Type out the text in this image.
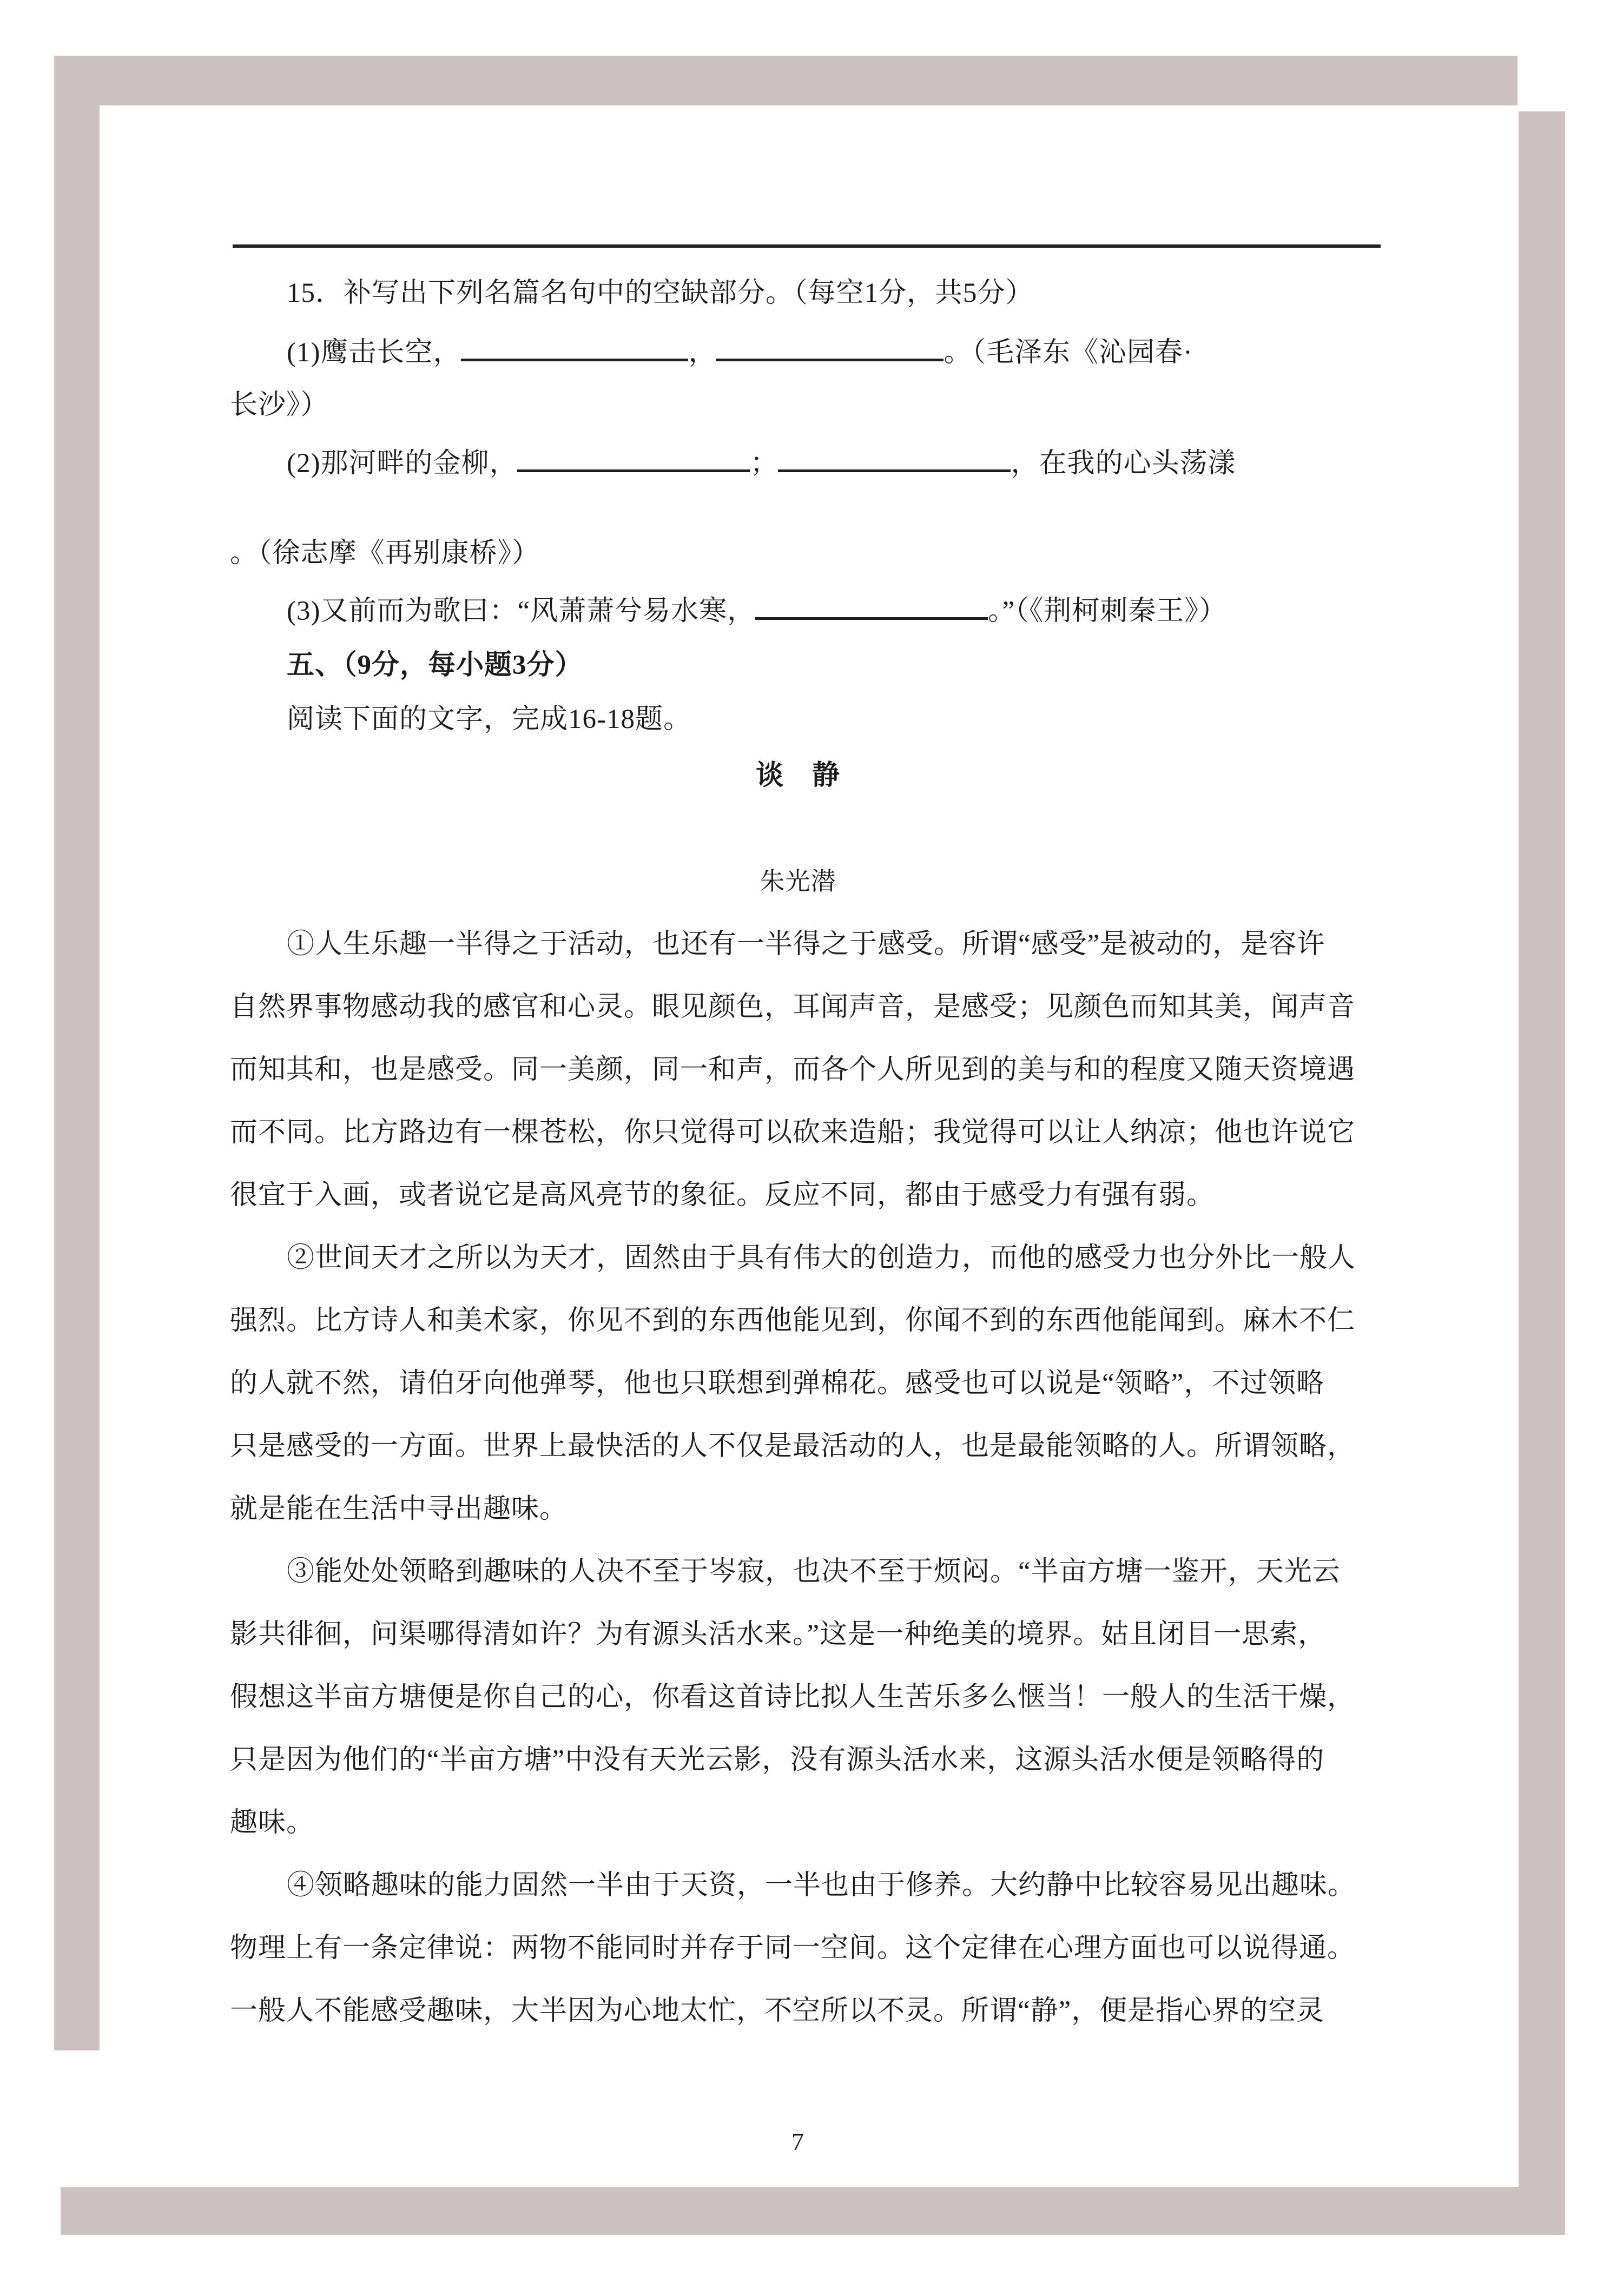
15．补写出下列名篇名句中的空缺部分。（每空1分，共5分）
(1)鹰击长空，	，	。（毛泽东《沁园春·
长沙》）
(2)那河畔的金柳，	；	，在我的心头荡漾
。（徐志摩《再别康桥》）
(3)又前而为歌曰：“风萧萧兮易水寒，	。”（《荆柯刺秦王》）
五、（9分，每小题3分）
阅读下面的文字，完成16-18题。
谈　静
朱光潜
①人生乐趣一半得之于活动，也还有一半得之于感受。所谓“感受”是被动的，是容许
自然界事物感动我的感官和心灵。眼见颜色，耳闻声音，是感受；见颜色而知其美，闻声音
而知其和，也是感受。同一美颜，同一和声，而各个人所见到的美与和的程度又随天资境遇
而不同。比方路边有一棵苍松，你只觉得可以砍来造船；我觉得可以让人纳凉；他也许说它
很宜于入画，或者说它是高风亮节的象征。反应不同，都由于感受力有强有弱。
②世间天才之所以为天才，固然由于具有伟大的创造力，而他的感受力也分外比一般人
强烈。比方诗人和美术家，你见不到的东西他能见到，你闻不到的东西他能闻到。麻木不仁
的人就不然，请伯牙向他弹琴，他也只联想到弹棉花。感受也可以说是“领略”，不过领略
只是感受的一方面。世界上最快活的人不仅是最活动的人，也是最能领略的人。所谓领略，
就是能在生活中寻出趣味。
③能处处领略到趣味的人决不至于岑寂，也决不至于烦闷。“半亩方塘一鉴开，天光云
影共徘徊，问渠哪得清如许？为有源头活水来。”这是一种绝美的境界。姑且闭目一思索，
假想这半亩方塘便是你自己的心，你看这首诗比拟人生苦乐多么惬当！一般人的生活干燥，
只是因为他们的“半亩方塘”中没有天光云影，没有源头活水来，这源头活水便是领略得的
趣味。
④领略趣味的能力固然一半由于天资，一半也由于修养。大约静中比较容易见出趣味。
物理上有一条定律说：两物不能同时并存于同一空间。这个定律在心理方面也可以说得通。
一般人不能感受趣味，大半因为心地太忙，不空所以不灵。所谓“静”，便是指心界的空灵
7
